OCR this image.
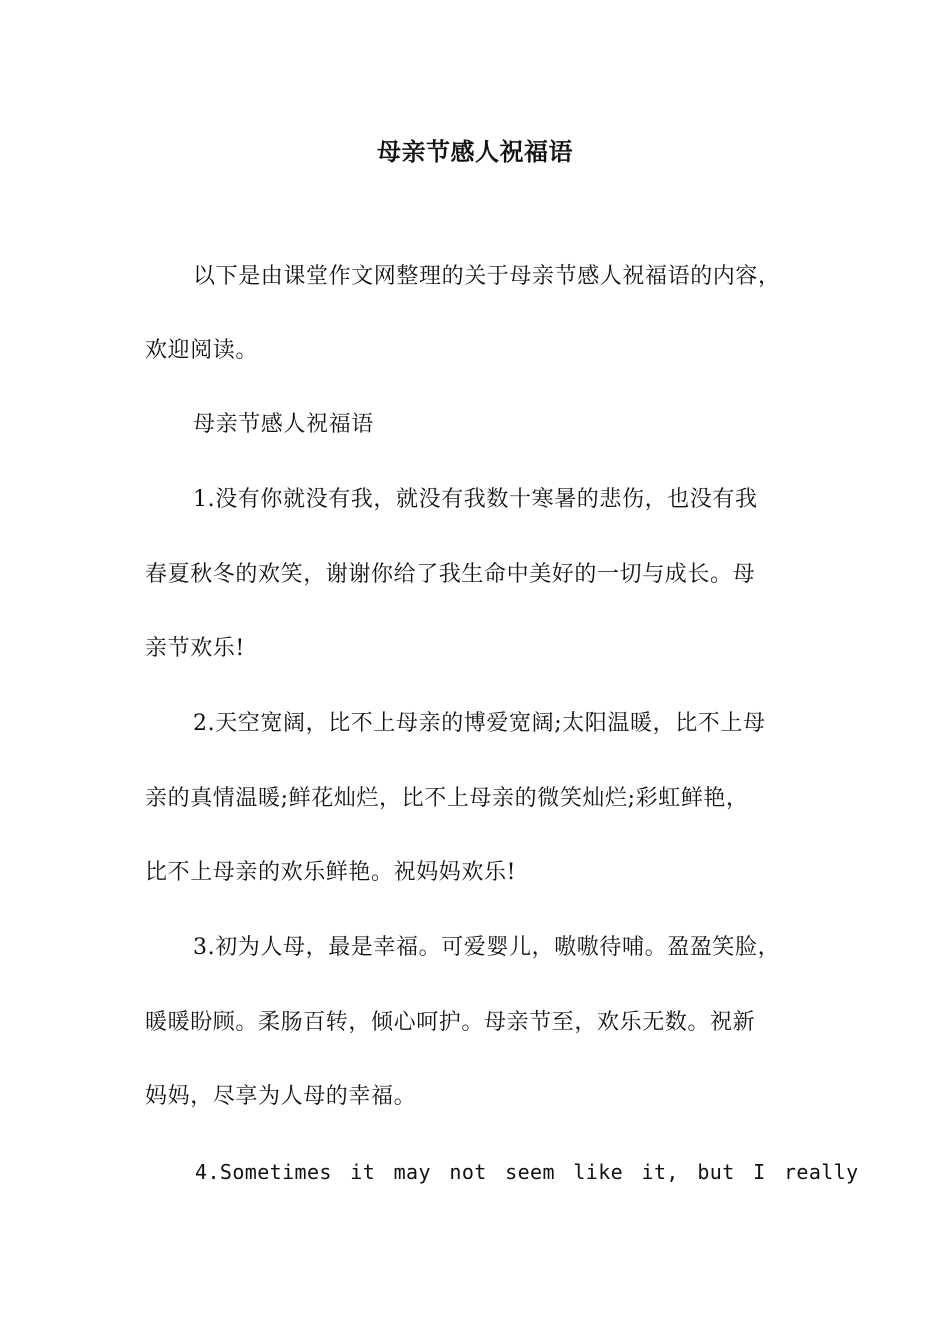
母亲节感人祝福语
以下是由课堂作文网整理的关于母亲节感人祝福语的内容，
欢迎阅读。
母亲节感人祝福语
1.没有你就没有我，就没有我数十寒暑的悲伤，也没有我
春夏秋冬的欢笑，谢谢你给了我生命中美好的一切与成长。母
亲节欢乐!
2.天空宽阔，比不上母亲的博爱宽阔;太阳温暖，比不上母
亲的真情温暖;鲜花灿烂，比不上母亲的微笑灿烂;彩虹鲜艳，
比不上母亲的欢乐鲜艳。祝妈妈欢乐!
3.初为人母，最是幸福。可爱婴儿，嗷嗷待哺。盈盈笑脸，
暖暖盼顾。柔肠百转，倾心呵护。母亲节至，欢乐无数。祝新
妈妈，尽享为人母的幸福。
4.Sometimes it may not seem like it, but I really
